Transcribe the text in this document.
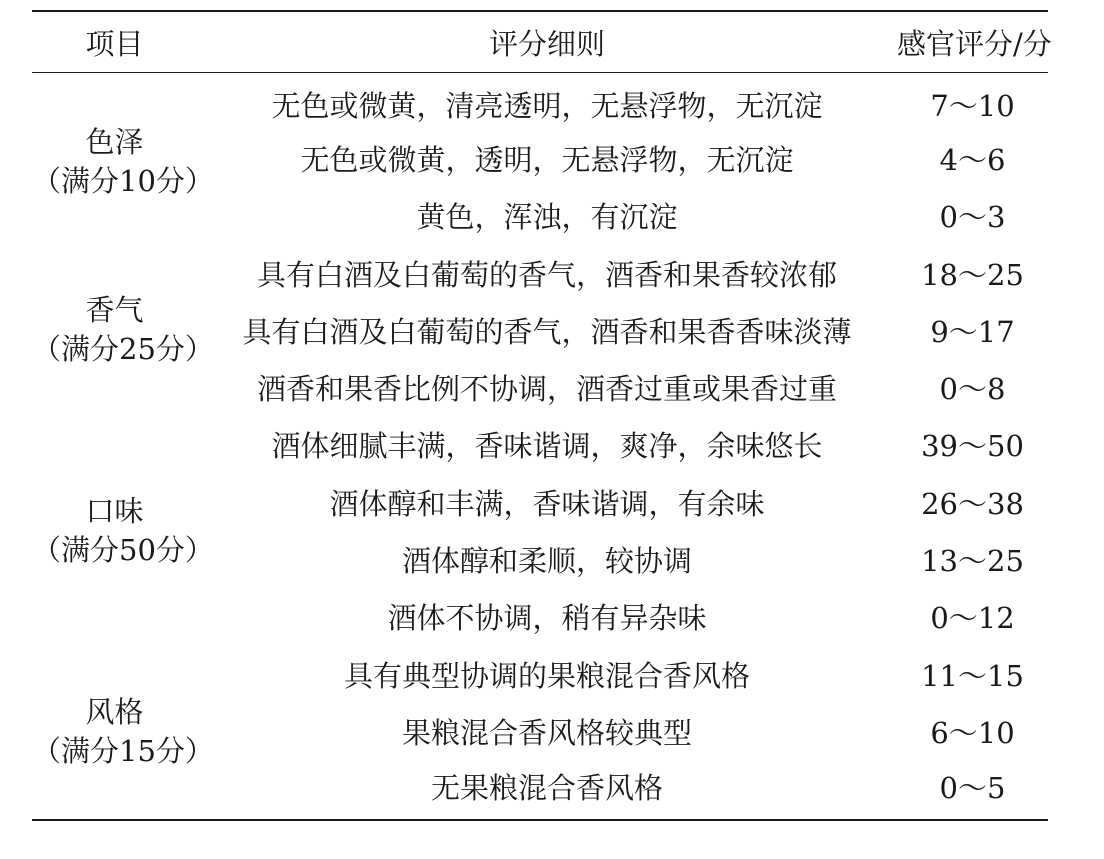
项目	评分细则	感官评分/分

色泽
（满分10分）	无色或微黄，清亮透明，无悬浮物，无沉淀	7～10
	无色或微黄，透明，无悬浮物，无沉淀	4～6
	黄色，浑浊，有沉淀	0～3

香气
（满分25分）	具有白酒及白葡萄的香气，酒香和果香较浓郁	18～25
	具有白酒及白葡萄的香气，酒香和果香香味淡薄	9～17
	酒香和果香比例不协调，酒香过重或果香过重	0～8

口味
（满分50分）	酒体细腻丰满，香味谐调，爽净，余味悠长	39～50
	酒体醇和丰满，香味谐调，有余味	26～38
	酒体醇和柔顺，较协调	13～25
	酒体不协调，稍有异杂味	0～12

风格
（满分15分）	具有典型协调的果粮混合香风格	11～15
	果粮混合香风格较典型	6～10
	无果粮混合香风格	0～5
